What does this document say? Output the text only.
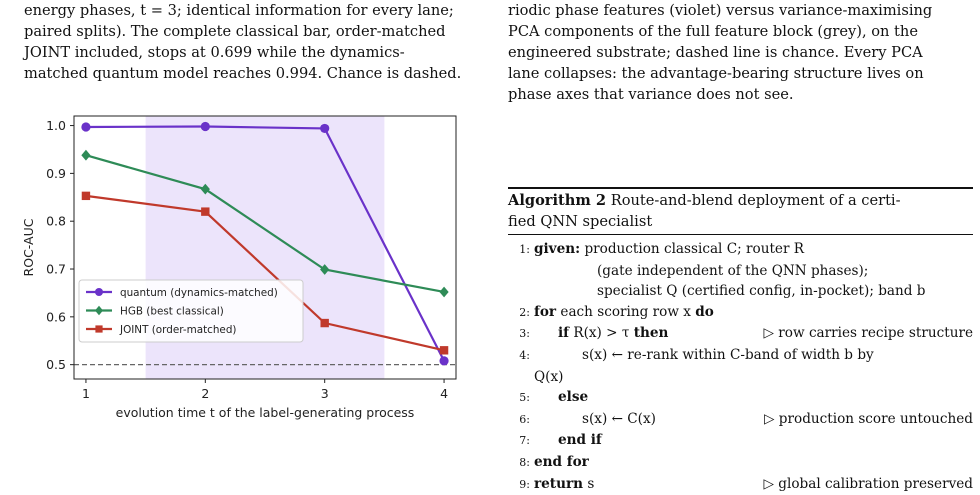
energy phases, t = 3; identical information for every lane;

paired splits). The complete classical bar, order-matched

JOINT included, stops at 0.699 while the dynamics-

matched quantum model reaches 0.994. Chance is dashed.

0.5
0.6
0.7
0.8
0.9
1.0
1	2	3	4
evolution time t of the label-generating process
ROC-AUC
quantum (dynamics-matched)
HGB (best classical)
JOINT (order-matched)

riodic phase features (violet) versus variance-maximising

PCA components of the full feature block (grey), on the

engineered substrate; dashed line is chance. Every PCA

lane collapses: the advantage-bearing structure lives on

phase axes that variance does not see.

Algorithm 2 Route-and-blend deployment of a certi-
fied QNN specialist
1: given: production classical C; router R
(gate independent of the QNN phases);
specialist Q (certified config, in-pocket); band b
2: for each scoring row x do
3: if R(x) > τ then	▷ row carries recipe structure
4:	s(x) ← re-rank within C-band of width b by
Q(x)
5: else
6:	s(x) ← C(x)	▷ production score untouched
7: end if
8: end for
9: return s	▷ global calibration preserved
